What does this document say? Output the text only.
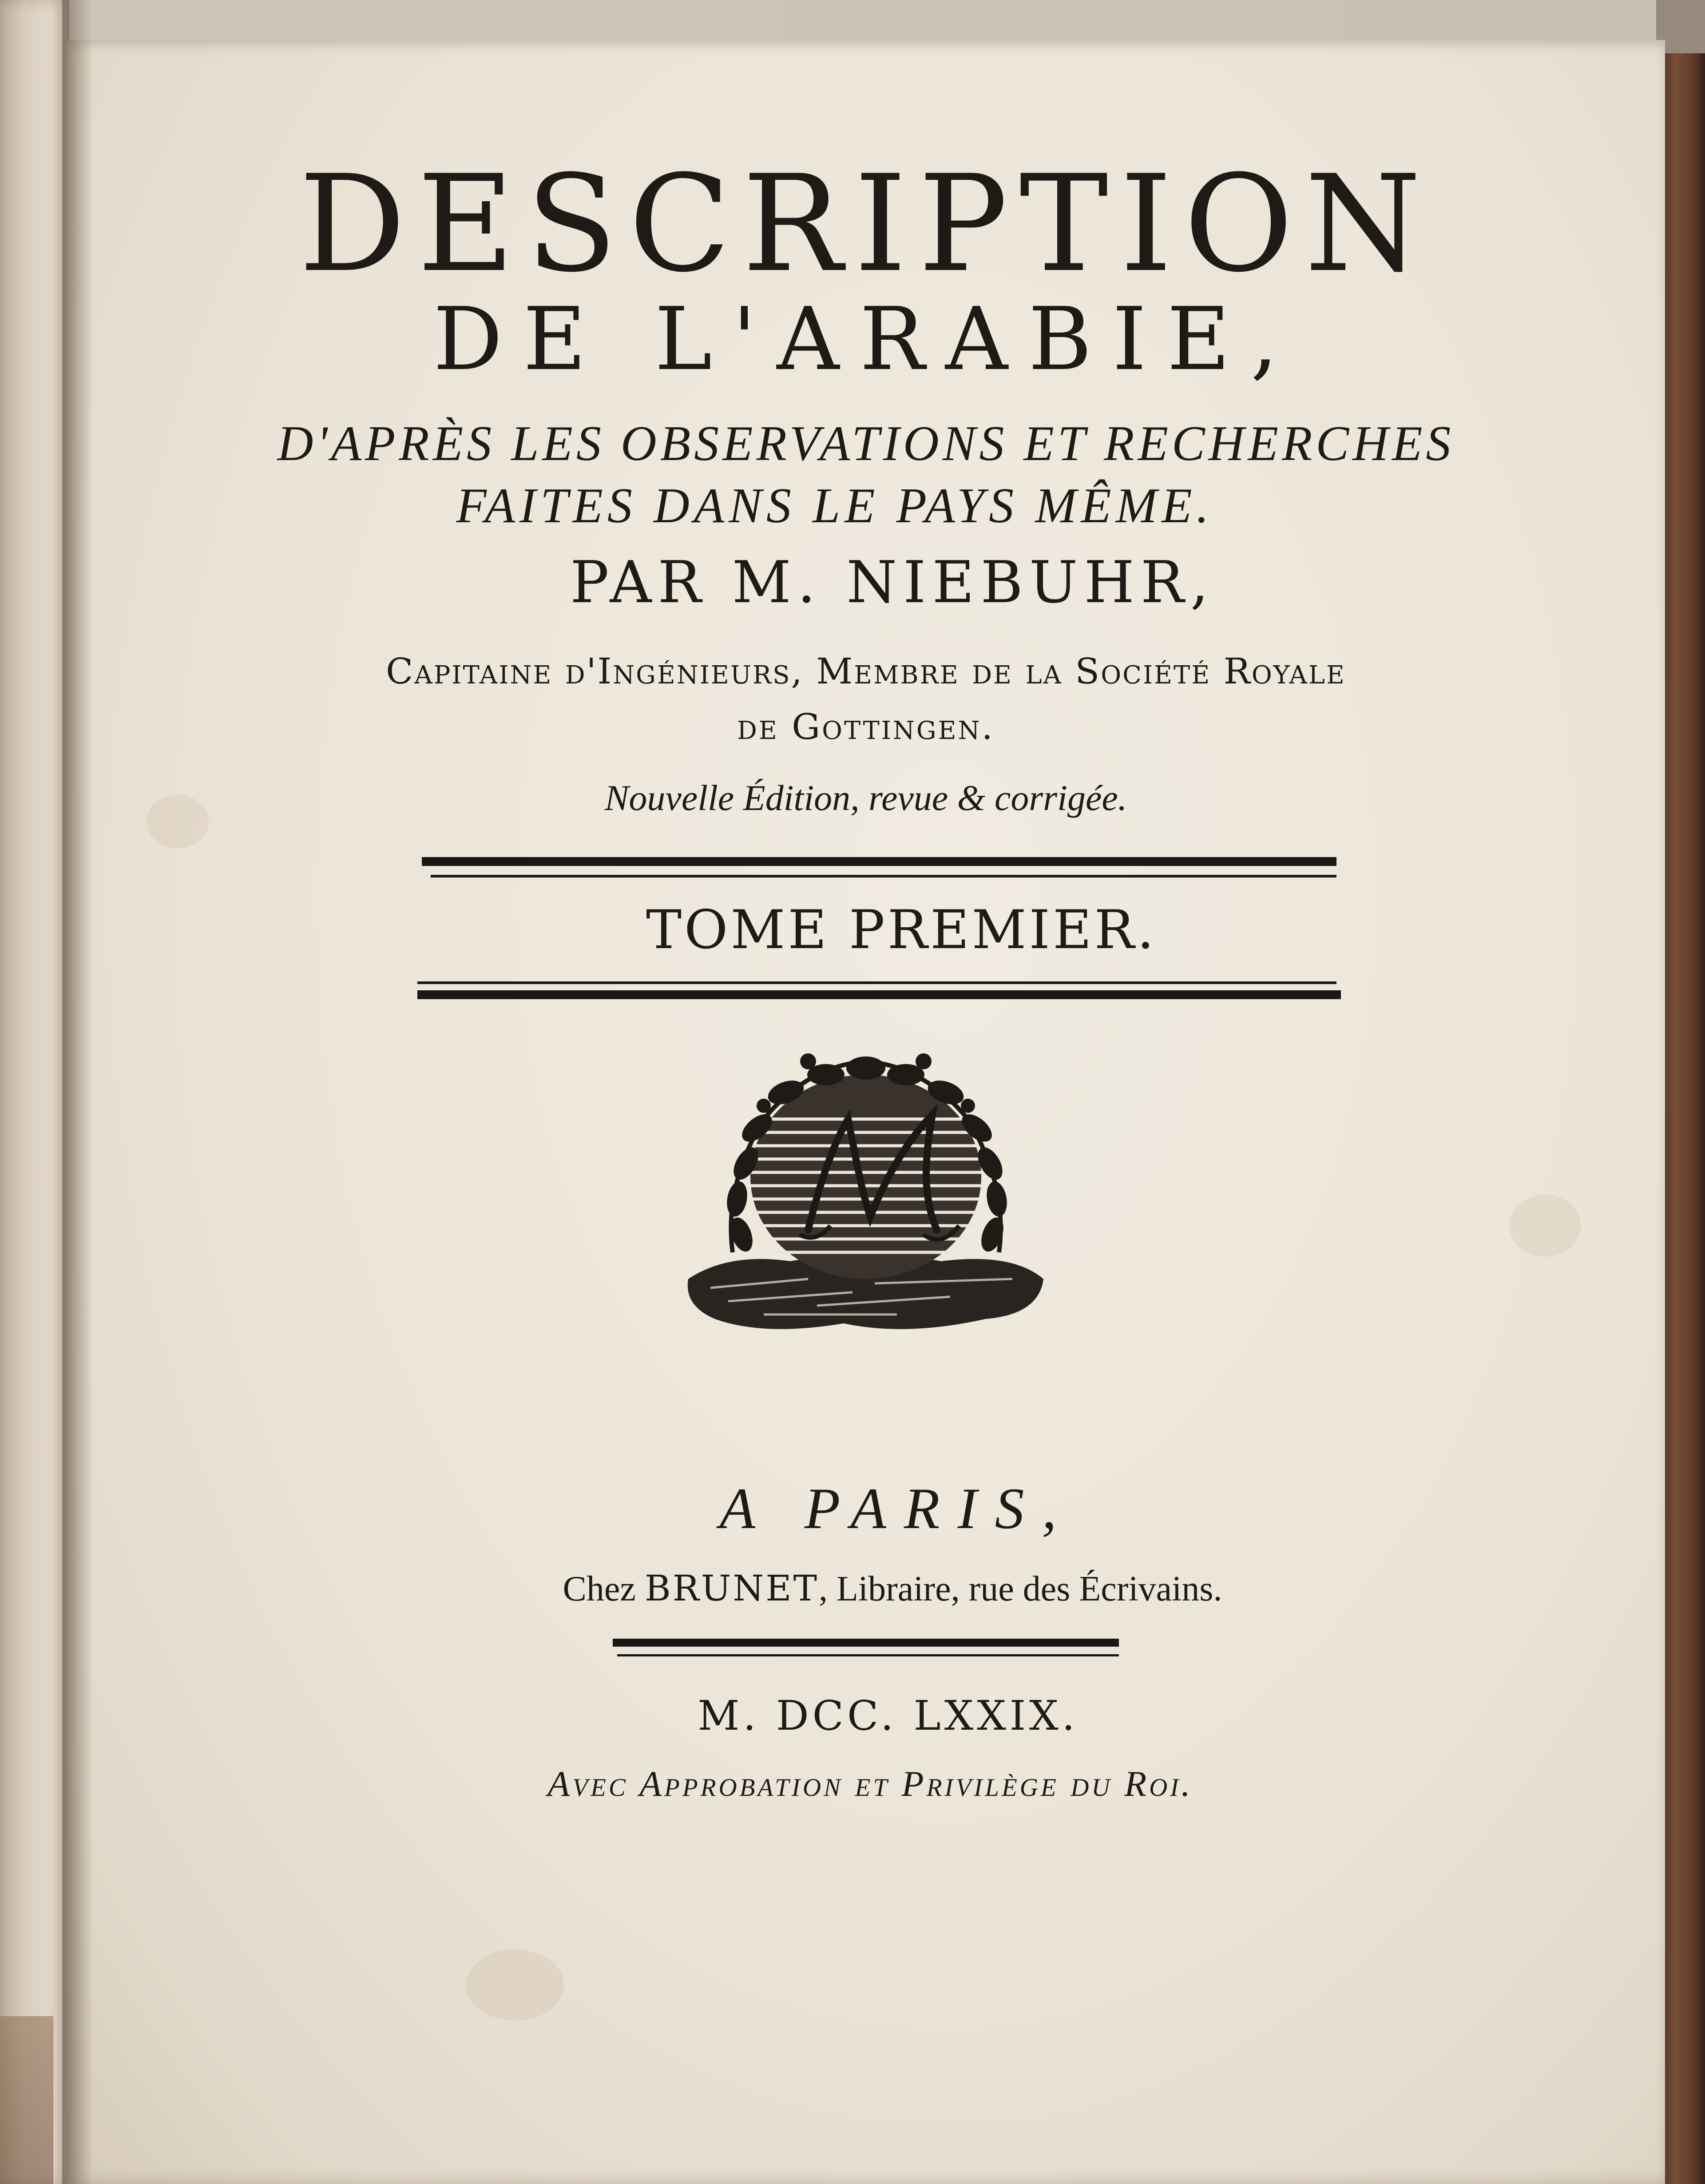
DESCRIPTION
DE L'ARABIE,
D'APRÈS LES OBSERVATIONS ET RECHERCHES
FAITES DANS LE PAYS MÊME.
PAR M. NIEBUHR,
Capitaine d'Ingénieurs, Membre de la Société Royale
de Gottingen.
Nouvelle Édition, revue & corrigée.
TOME PREMIER.
A PARIS,
Chez BRUNET, Libraire, rue des Écrivains.
M. DCC. LXXIX.
Avec Approbation et Privilège du Roi.
